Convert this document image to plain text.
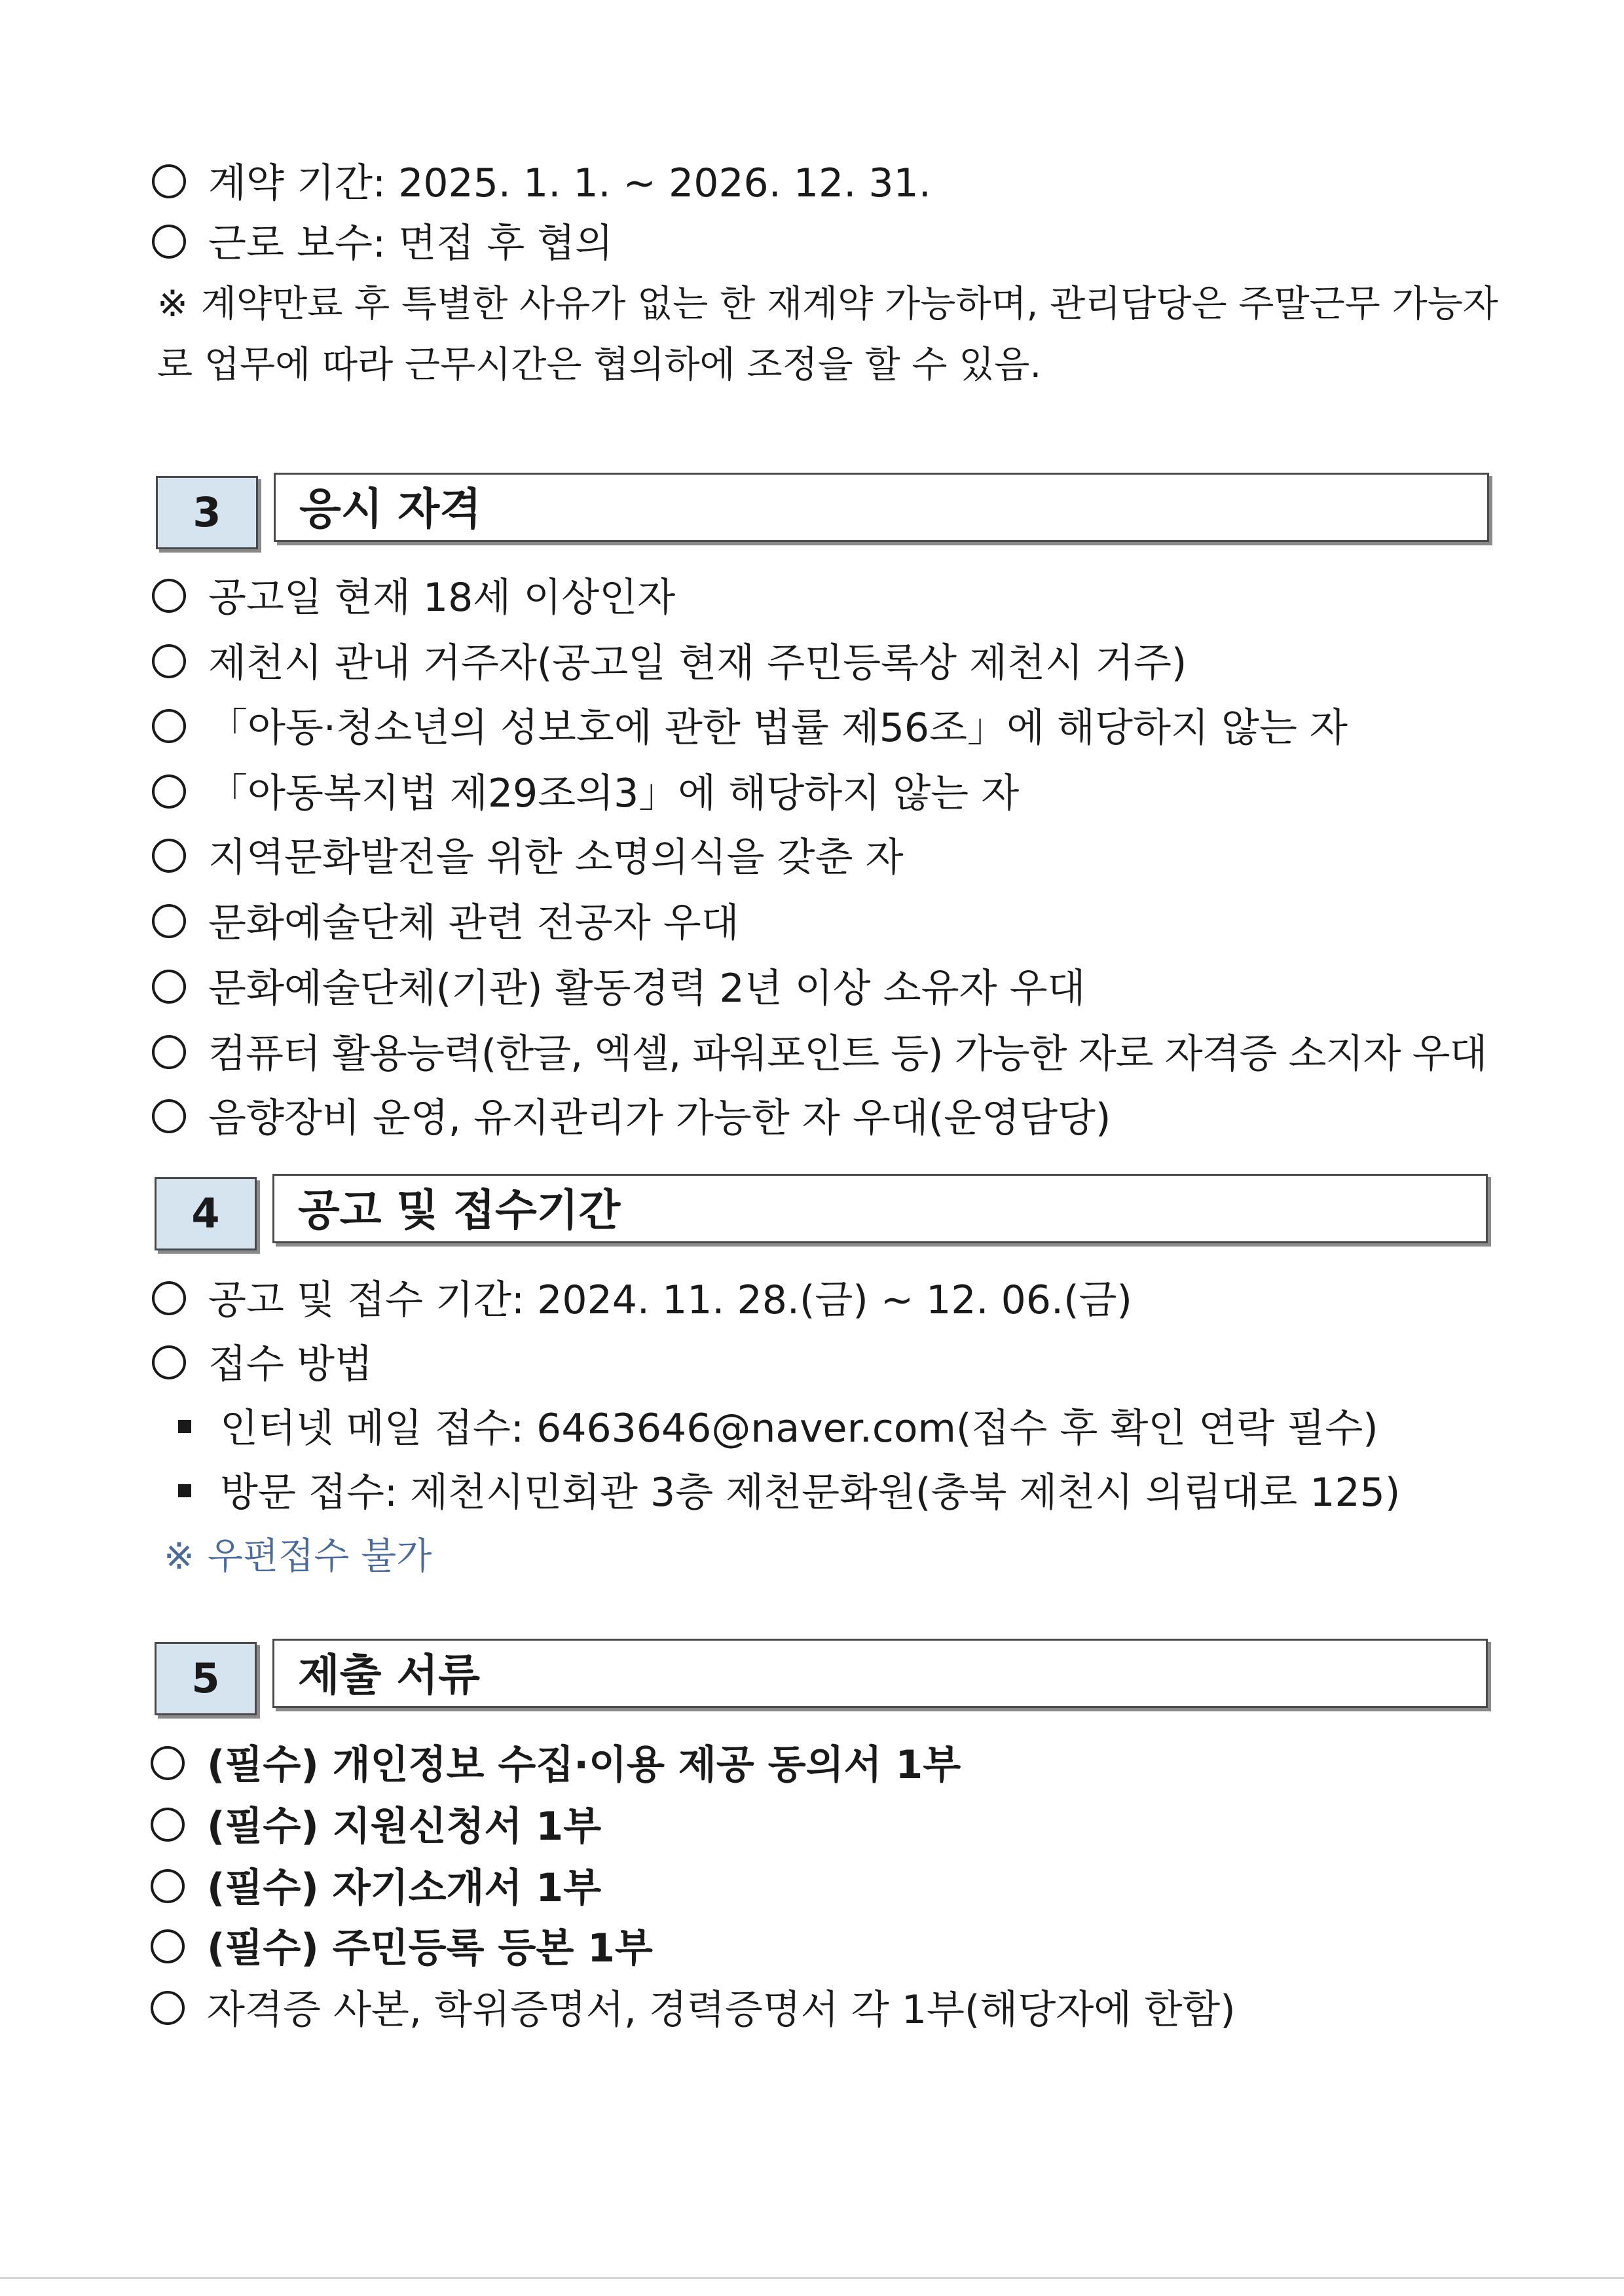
계약 기간: 2025. 1. 1. ~ 2026. 12. 31.
근로 보수: 면접 후 협의
※ 계약만료 후 특별한 사유가 없는 한 재계약 가능하며, 관리담당은 주말근무 가능자
로 업무에 따라 근무시간은 협의하에 조정을 할 수 있음.
3	응시 자격
공고일 현재 18세 이상인자
제천시 관내 거주자(공고일 현재 주민등록상 제천시 거주)
「아동·청소년의 성보호에 관한 법률 제56조」에 해당하지 않는 자
「아동복지법 제29조의3」에 해당하지 않는 자
지역문화발전을 위한 소명의식을 갖춘 자
문화예술단체 관련 전공자 우대
문화예술단체(기관) 활동경력 2년 이상 소유자 우대
컴퓨터 활용능력(한글, 엑셀, 파워포인트 등) 가능한 자로 자격증 소지자 우대
음향장비 운영, 유지관리가 가능한 자 우대(운영담당)
4	공고 및 접수기간
공고 및 접수 기간: 2024. 11. 28.(금) ~ 12. 06.(금)
접수 방법
인터넷 메일 접수: 6463646@naver.com(접수 후 확인 연락 필수)
방문 접수: 제천시민회관 3층 제천문화원(충북 제천시 의림대로 125)
※ 우편접수 불가
5	제출 서류
(필수) 개인정보 수집·이용 제공 동의서 1부
(필수) 지원신청서 1부
(필수) 자기소개서 1부
(필수) 주민등록 등본 1부
자격증 사본, 학위증명서, 경력증명서 각 1부(해당자에 한함)
